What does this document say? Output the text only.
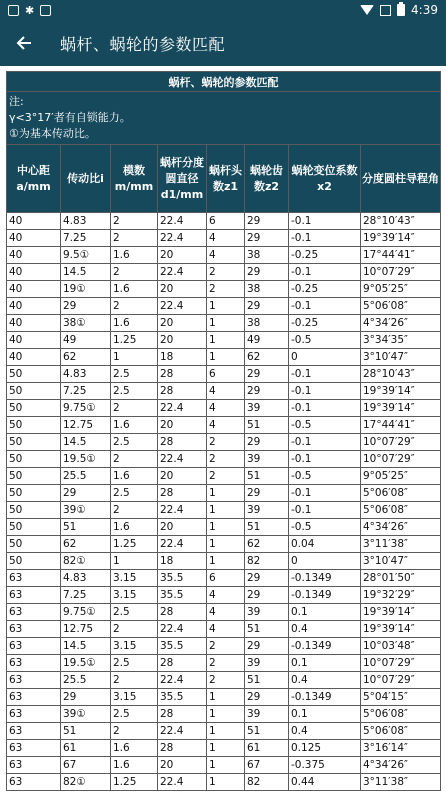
✱	4:39
蜗杆、蜗轮的参数匹配
蜗杆、蜗轮的参数匹配							

注:
γ<3°17′者有自锁能力。
①为基本传动比。							

中心距a/mm	传动比i	模数m/mm	蜗杆分度圆直径d1/mm	蜗杆头数z1	蜗轮齿数z2	蜗轮变位系数x2	分度圆柱导程角
40	4.83	2	22.4	6	29	-0.1	28°10′43″
40	7.25	2	22.4	4	29	-0.1	19°39′14″
40	9.5①	1.6	20	4	38	-0.25	17°44′41″
40	14.5	2	22.4	2	29	-0.1	10°07′29″
40	19①	1.6	20	2	38	-0.25	9°05′25″
40	29	2	22.4	1	29	-0.1	5°06′08″
40	38①	1.6	20	1	38	-0.25	4°34′26″
40	49	1.25	20	1	49	-0.5	3°34′35″
40	62	1	18	1	62	0	3°10′47″
50	4.83	2.5	28	6	29	-0.1	28°10′43″
50	7.25	2.5	28	4	29	-0.1	19°39′14″
50	9.75①	2	22.4	4	39	-0.1	19°39′14″
50	12.75	1.6	20	4	51	-0.5	17°44′41″
50	14.5	2.5	28	2	29	-0.1	10°07′29″
50	19.5①	2	22.4	2	39	-0.1	10°07′29″
50	25.5	1.6	20	2	51	-0.5	9°05′25″
50	29	2.5	28	1	29	-0.1	5°06′08″
50	39①	2	22.4	1	39	-0.1	5°06′08″
50	51	1.6	20	1	51	-0.5	4°34′26″
50	62	1.25	22.4	1	62	0.04	3°11′38″
50	82①	1	18	1	82	0	3°10′47″
63	4.83	3.15	35.5	6	29	-0.1349	28°01′50″
63	7.25	3.15	35.5	4	29	-0.1349	19°32′29″
63	9.75①	2.5	28	4	39	0.1	19°39′14″
63	12.75	2	22.4	4	51	0.4	19°39′14″
63	14.5	3.15	35.5	2	29	-0.1349	10°03′48″
63	19.5①	2.5	28	2	39	0.1	10°07′29″
63	25.5	2	22.4	2	51	0.4	10°07′29″
63	29	3.15	35.5	1	29	-0.1349	5°04′15″
63	39①	2.5	28	1	39	0.1	5°06′08″
63	51	2	22.4	1	51	0.4	5°06′08″
63	61	1.6	28	1	61	0.125	3°16′14″
63	67	1.6	20	1	67	-0.375	4°34′26″
63	82①	1.25	22.4	1	82	0.44	3°11′38″
